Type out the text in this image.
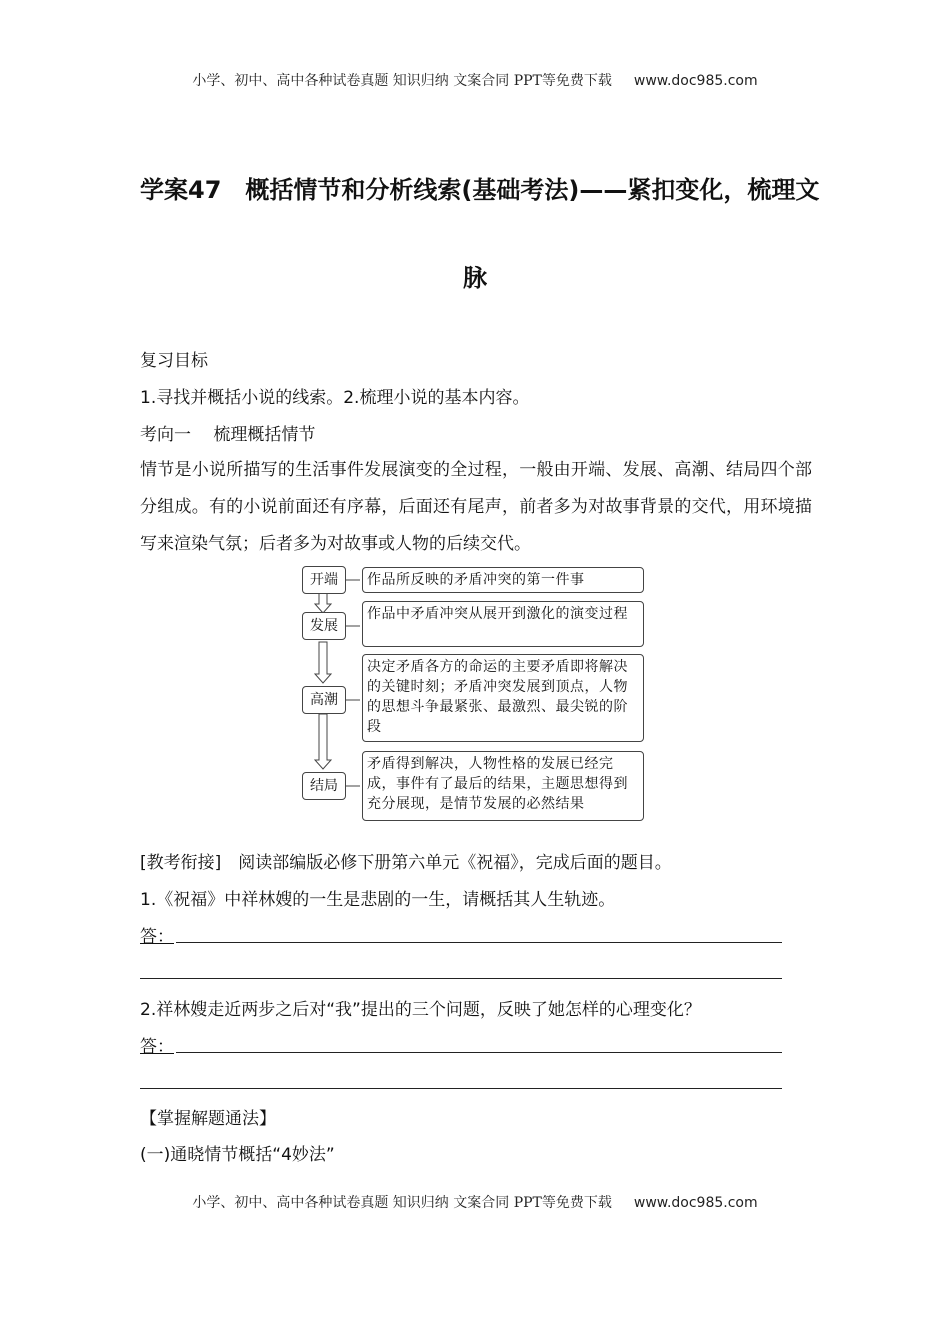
小学、初中、高中各种试卷真题 知识归纳 文案合同 PPT等免费下载 www.doc985.com
学案47　概括情节和分析线索(基础考法)——紧扣变化，梳理文
脉
复习目标
1.寻找并概括小说的线索。2.梳理小说的基本内容。
考向一　 梳理概括情节
情节是小说所描写的生活事件发展演变的全过程，一般由开端、发展、高潮、结局四个部分组成。有的小说前面还有序幕，后面还有尾声，前者多为对故事背景的交代，用环境描写来渲染气氛；后者多为对故事或人物的后续交代。
开端
发展
高潮
结局
作品所反映的矛盾冲突的第一件事
作品中矛盾冲突从展开到激化的演变过程
决定矛盾各方的命运的主要矛盾即将解决的关键时刻；矛盾冲突发展到顶点，人物的思想斗争最紧张、最激烈、最尖锐的阶段
矛盾得到解决，人物性格的发展已经完成，事件有了最后的结果，主题思想得到充分展现，是情节发展的必然结果
[教考衔接]　阅读部编版必修下册第六单元《祝福》，完成后面的题目。
1.《祝福》中祥林嫂的一生是悲剧的一生，请概括其人生轨迹。
答：
2.祥林嫂走近两步之后对“我”提出的三个问题，反映了她怎样的心理变化？
答：
【掌握解题通法】
(一)通晓情节概括“4妙法”
小学、初中、高中各种试卷真题 知识归纳 文案合同 PPT等免费下载 www.doc985.com
